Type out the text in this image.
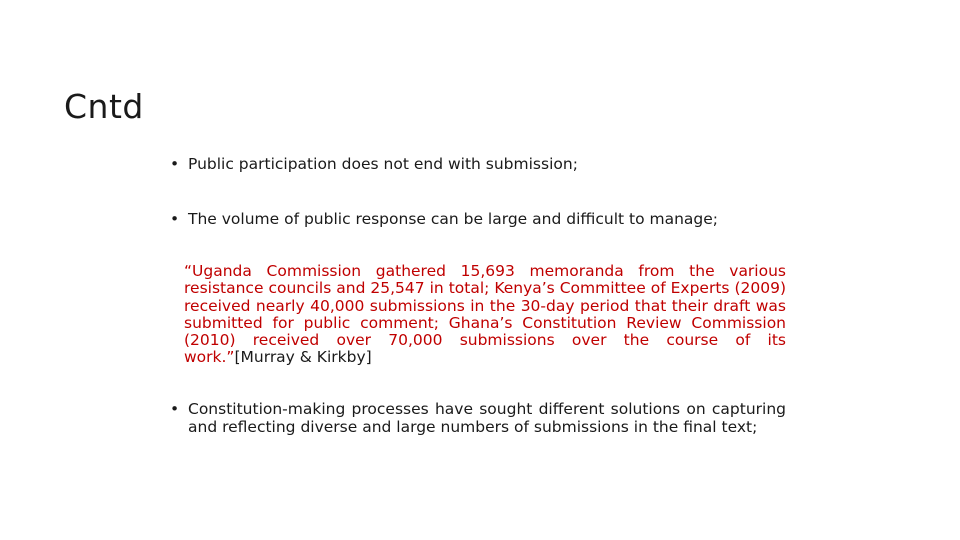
Cntd
• Public participation does not end with submission;
• The volume of public response can be large and difficult to manage;
“Uganda Commission gathered 15,693 memoranda from the various resistance councils and 25,547 in total; Kenya’s Committee of Experts (2009) received nearly 40,000 submissions in the 30-day period that their draft was submitted for public comment; Ghana’s Constitution Review Commission (2010) received over 70,000 submissions over the course of its work.”[Murray & Kirkby]
• Constitution-making processes have sought different solutions on capturing and reflecting diverse and large numbers of submissions in the final text;
